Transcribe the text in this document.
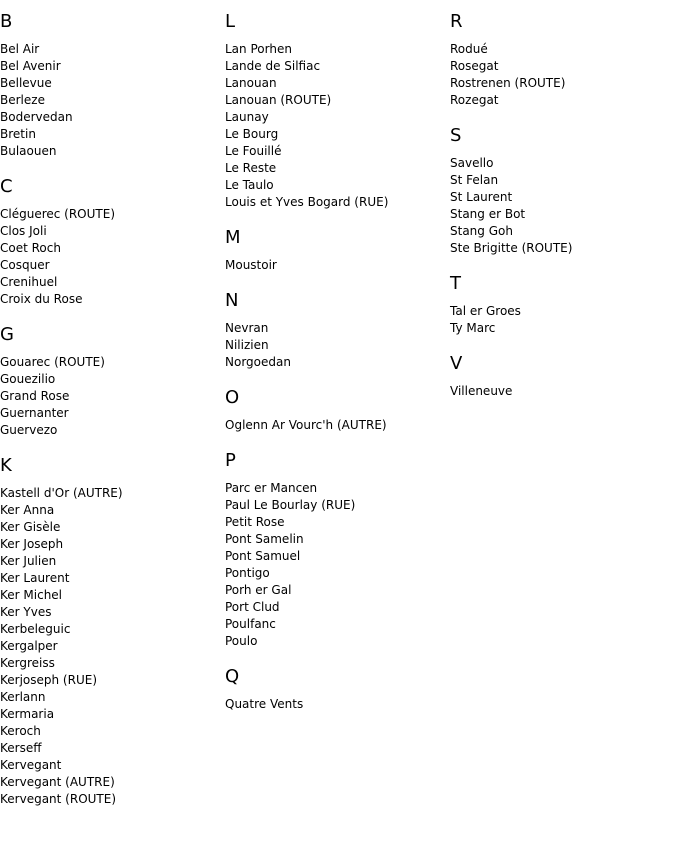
B
Bel Air
Bel Avenir
Bellevue
Berleze
Bodervedan
Bretin
Bulaouen
C
Cléguerec (ROUTE)
Clos Joli
Coet Roch
Cosquer
Crenihuel
Croix du Rose
G
Gouarec (ROUTE)
Gouezilio
Grand Rose
Guernanter
Guervezo
K
Kastell d'Or (AUTRE)
Ker Anna
Ker Gisèle
Ker Joseph
Ker Julien
Ker Laurent
Ker Michel
Ker Yves
Kerbeleguic
Kergalper
Kergreiss
Kerjoseph (RUE)
Kerlann
Kermaria
Keroch
Kerseff
Kervegant
Kervegant (AUTRE)
Kervegant (ROUTE)
L
Lan Porhen
Lande de Silfiac
Lanouan
Lanouan (ROUTE)
Launay
Le Bourg
Le Fouillé
Le Reste
Le Taulo
Louis et Yves Bogard (RUE)
M
Moustoir
N
Nevran
Nilizien
Norgoedan
O
Oglenn Ar Vourc'h (AUTRE)
P
Parc er Mancen
Paul Le Bourlay (RUE)
Petit Rose
Pont Samelin
Pont Samuel
Pontigo
Porh er Gal
Port Clud
Poulfanc
Poulo
Q
Quatre Vents
R
Rodué
Rosegat
Rostrenen (ROUTE)
Rozegat
S
Savello
St Felan
St Laurent
Stang er Bot
Stang Goh
Ste Brigitte (ROUTE)
T
Tal er Groes
Ty Marc
V
Villeneuve
